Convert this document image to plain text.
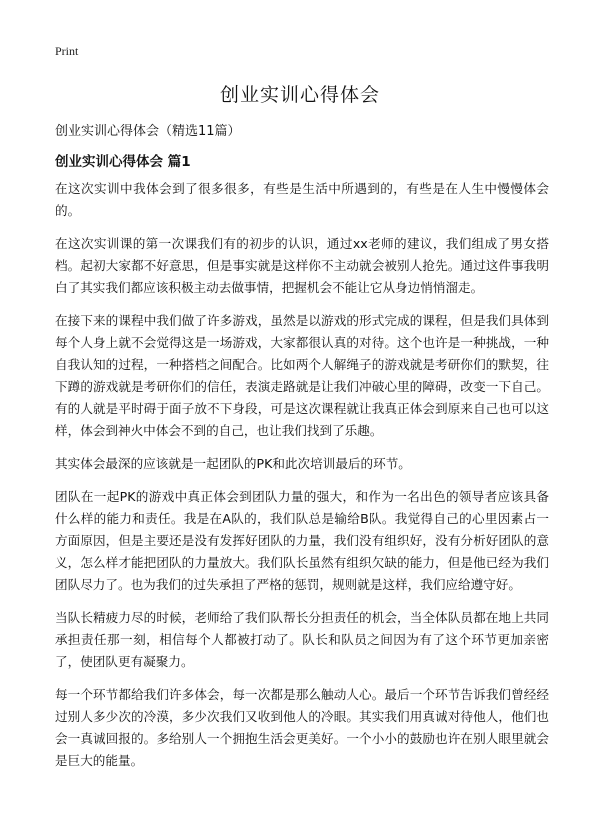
Print
创业实训心得体会
创业实训心得体会（精选11篇）
创业实训心得体会 篇1

在这次实训中我体会到了很多很多，有些是生活中所遇到的，有些是在人生中慢慢体会的。

在这次实训课的第一次课我们有的初步的认识，通过xx老师的建议，我们组成了男女搭档。起初大家都不好意思，但是事实就是这样你不主动就会被别人抢先。通过这件事我明白了其实我们都应该积极主动去做事情，把握机会不能让它从身边悄悄溜走。

在接下来的课程中我们做了许多游戏，虽然是以游戏的形式完成的课程，但是我们具体到每个人身上就不会觉得这是一场游戏，大家都很认真的对待。这个也许是一种挑战，一种自我认知的过程，一种搭档之间配合。比如两个人解绳子的游戏就是考研你们的默契，往下蹲的游戏就是考研你们的信任，表演走路就是让我们冲破心里的障碍，改变一下自己。有的人就是平时碍于面子放不下身段，可是这次课程就让我真正体会到原来自己也可以这样，体会到神火中体会不到的自己，也让我们找到了乐趣。

其实体会最深的应该就是一起团队的PK和此次培训最后的环节。

团队在一起PK的游戏中真正体会到团队力量的强大，和作为一名出色的领导者应该具备什么样的能力和责任。我是在A队的，我们队总是输给B队。我觉得自己的心里因素占一方面原因，但是主要还是没有发挥好团队的力量，我们没有组织好，没有分析好团队的意义，怎么样才能把团队的力量放大。我们队长虽然有组织欠缺的能力，但是他已经为我们团队尽力了。也为我们的过失承担了严格的惩罚，规则就是这样，我们应给遵守好。

当队长精疲力尽的时候，老师给了我们队帮长分担责任的机会，当全体队员都在地上共同承担责任那一刻，相信每个人都被打动了。队长和队员之间因为有了这个环节更加亲密了，使团队更有凝聚力。

每一个环节都给我们许多体会，每一次都是那么触动人心。最后一个环节告诉我们曾经经过别人多少次的冷漠，多少次我们又收到他人的冷眼。其实我们用真诚对待他人，他们也会一真诚回报的。多给别人一个拥抱生活会更美好。一个小小的鼓励也许在别人眼里就会是巨大的能量。
